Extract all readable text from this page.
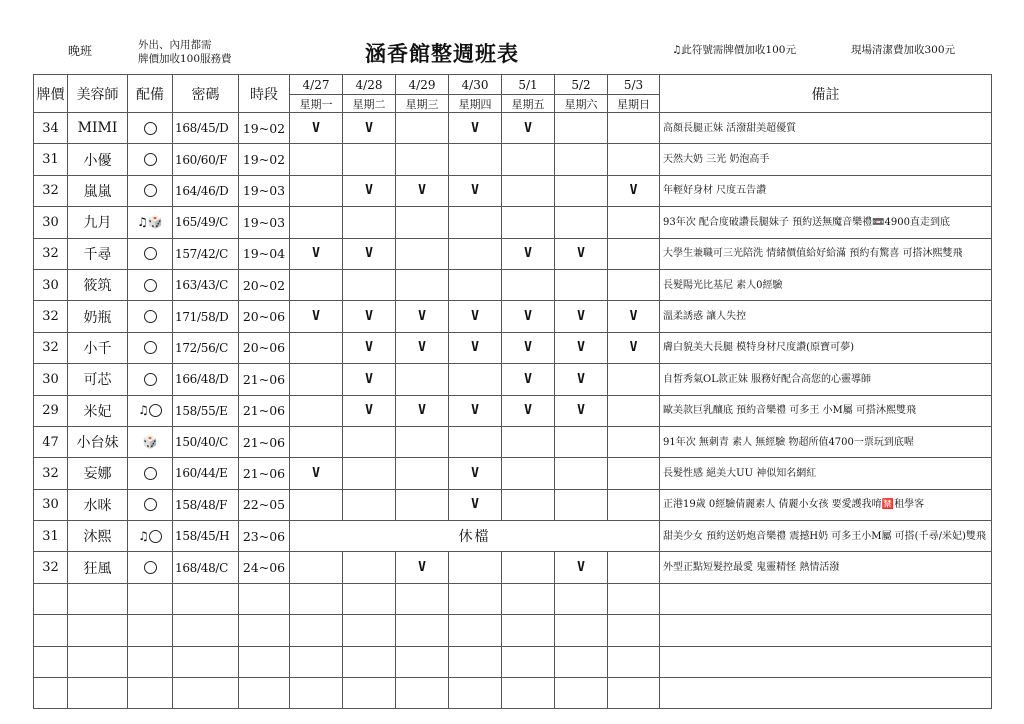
晚班	外出、內用都需
牌價加收100服務費	涵香館整週班表	♫此符號需牌價加收100元	現場清潔費加收300元
牌價	美容師	配備	密碼	時段	4/27	4/28	4/29	4/30	5/1	5/2	5/3	備註
					星期一	星期二	星期三	星期四	星期五	星期六	星期日	
34	MIMI		168/45/D	19~02	V	V		V	V			高顏長腿正妹 活潑甜美超優質
31	小優		160/60/F	19~02								天然大奶 三光 奶泡高手
32	嵐嵐		164/46/D	19~03		V	V	V			V	年輕好身材 尺度五告讚
30	九月	♫🎲	165/49/C	19~03								93年次 配合度破讚長腿妹子 預約送無魔音樂禮📼4900直走到底
32	千尋		157/42/C	19~04	V	V			V	V		大學生兼職可三光陪洗 情緒價值給好給滿 預約有驚喜 可搭沐熙雙飛
30	筱筑		163/43/C	20~02								長髮陽光比基尼 素人0經驗
32	奶瓶		171/58/D	20~06	V	V	V	V	V	V	V	溫柔誘惑 讓人失控
32	小千		172/56/C	20~06		V	V	V	V	V	V	膚白貌美大長腿 模特身材尺度讚(原寶可夢)
30	可芯		166/48/D	21~06		V			V	V		自皙秀氣OL款正妹 服務好配合高您的心靈導師
29	米妃	♫	158/55/E	21~06		V	V	V	V	V		歐美款巨乳釀底 預約音樂禮 可多王 小M屬 可搭沐熙雙飛
47	小台妹	🎲	150/40/C	21~06								91年次 無刺青 素人 無經驗 物超所值4700一票玩到底喔
32	妄娜		160/44/E	21~06	V			V				長髮性感 絕美大UU 神似知名網紅
30	水咪		158/48/F	22~05				V				正港19歲 0經驗倩麗素人 倩麗小女孩 要愛護我唷🈲租學客
31	沐熙	♫	158/45/H	23~06	休檔							甜美少女 預約送奶炮音樂禮 震撼H奶 可多王小M屬 可搭(千尋/米妃)雙飛
32	狂風		168/48/C	24~06			V			V		外型正點短髮控最愛 鬼靈精怪 熱情活潑
